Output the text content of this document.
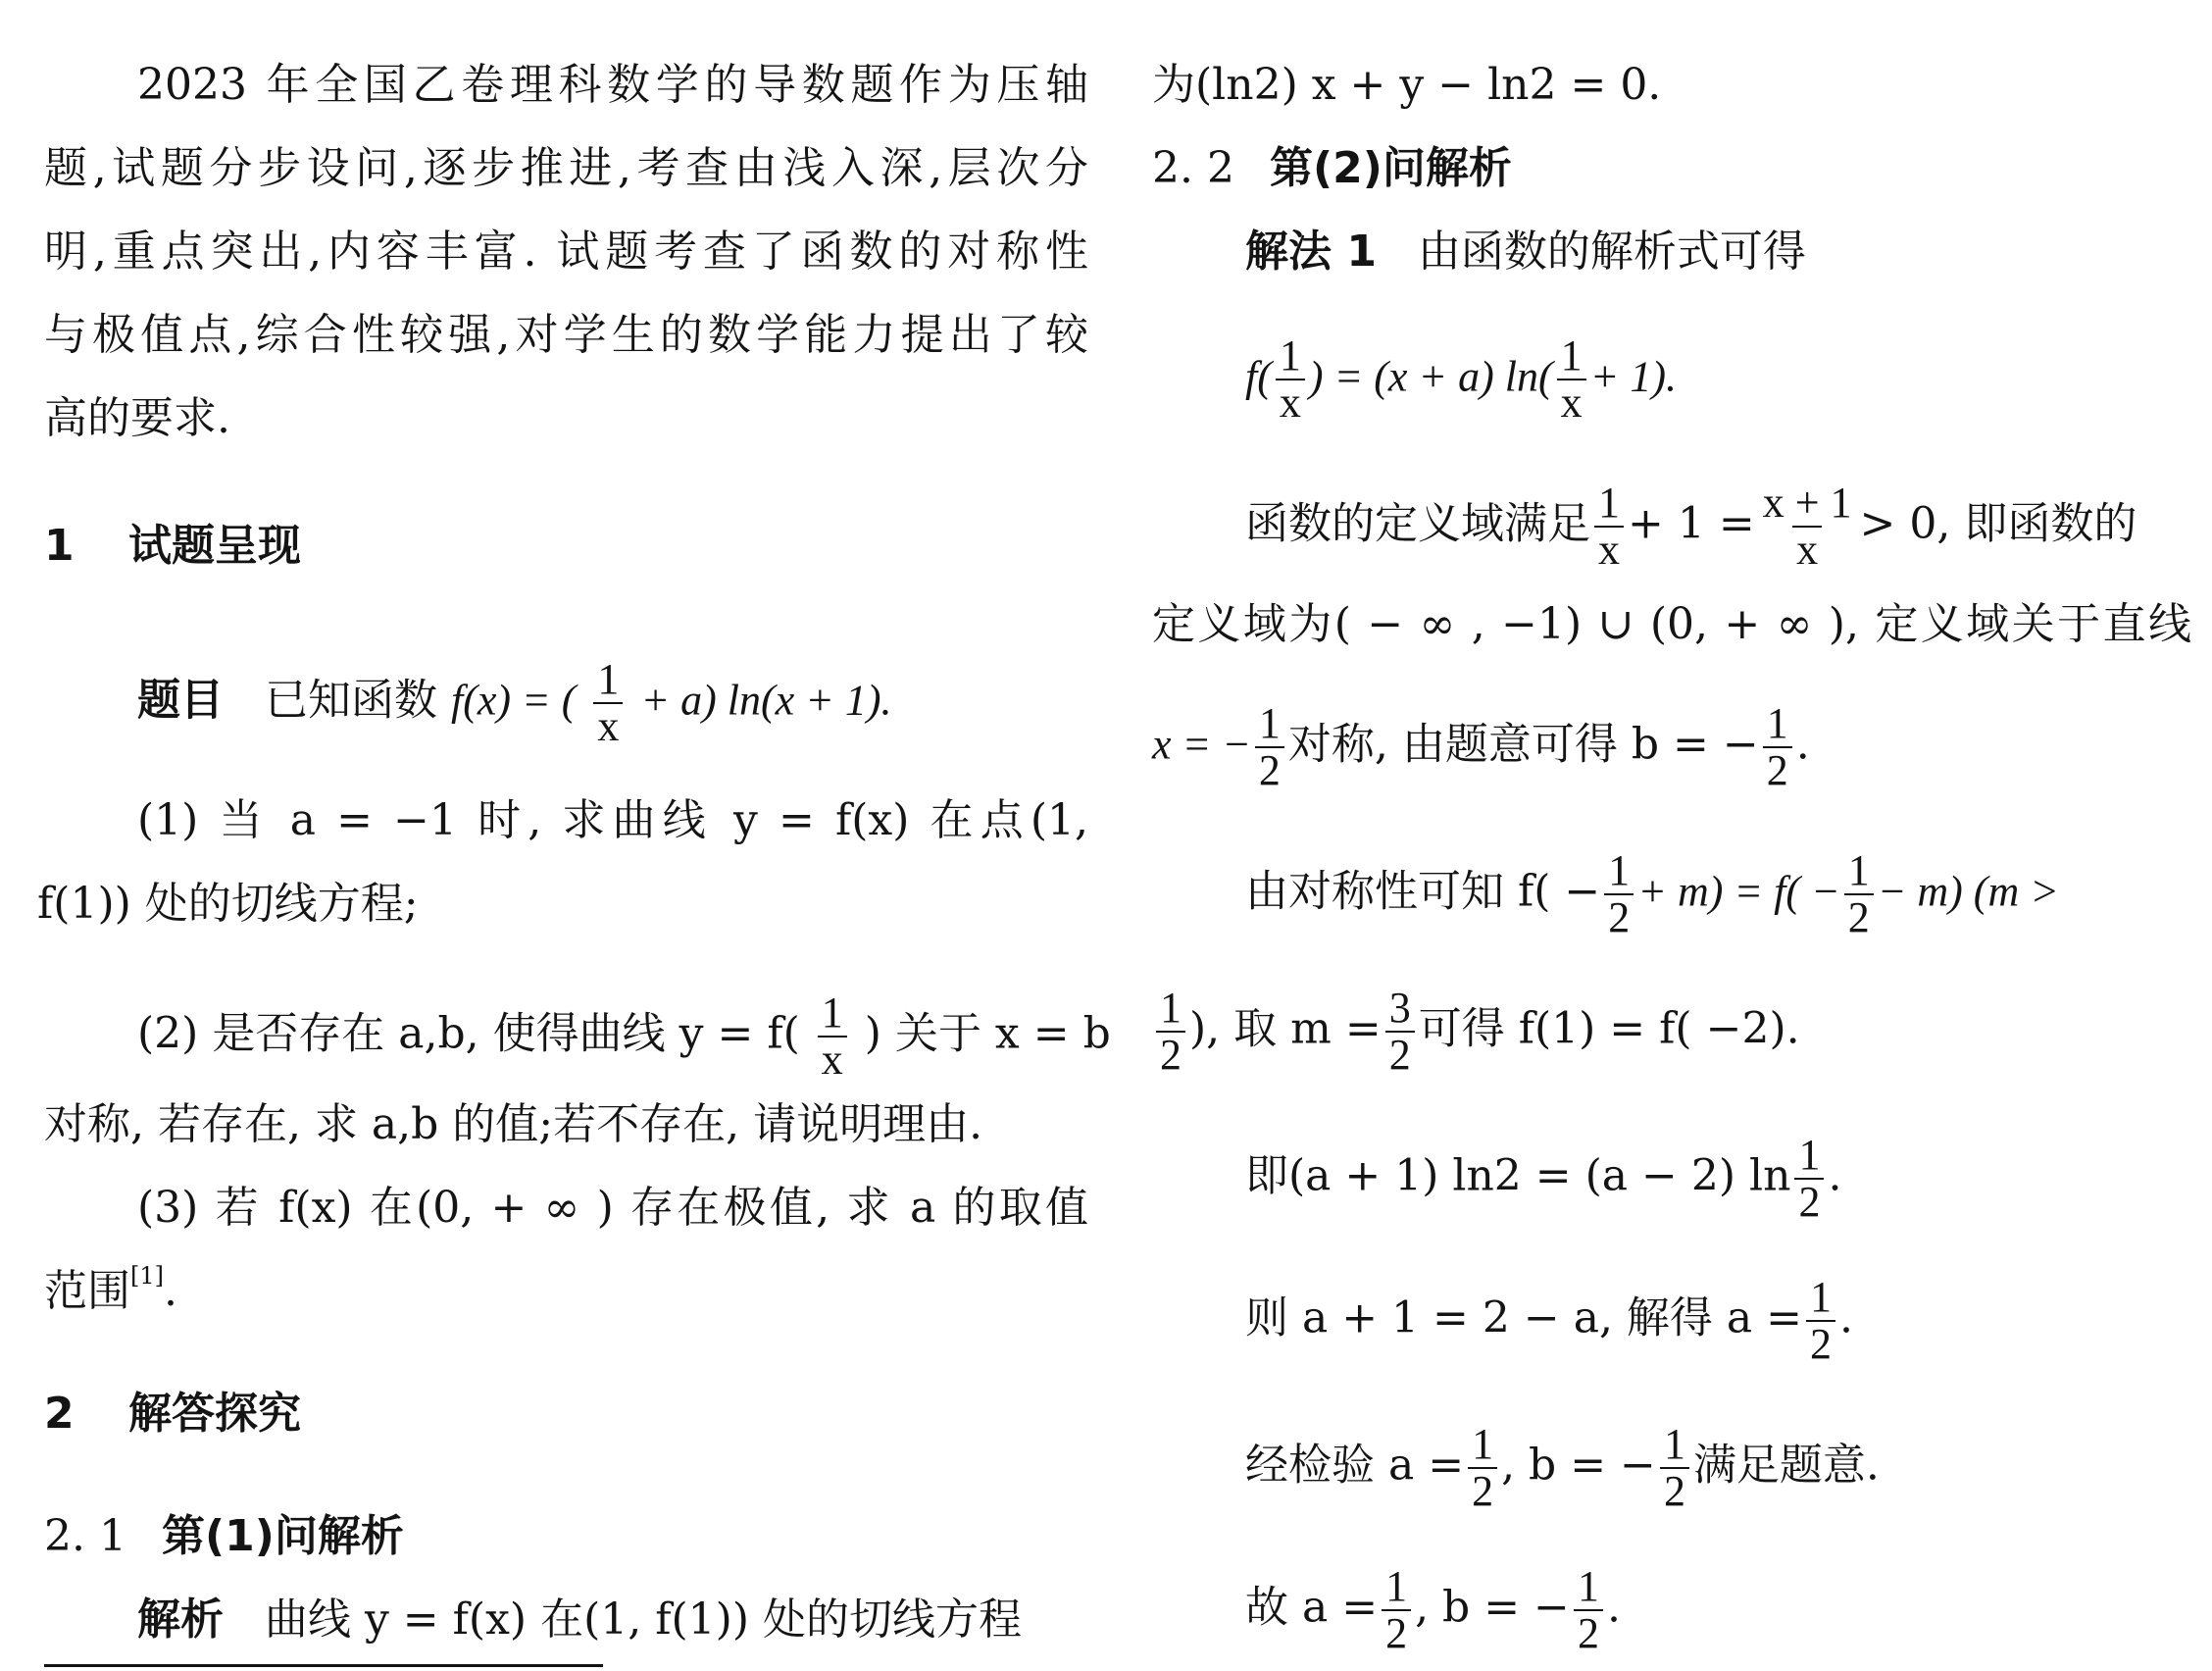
2023 年全国乙卷理科数学的导数题作为压轴
题,试题分步设问,逐步推进,考查由浅入深,层次分
明,重点突出,内容丰富. 试题考查了函数的对称性
与极值点,综合性较强,对学生的数学能力提出了较
高的要求.
1 试题呈现
题目 已知函数 f(x) = ( $\frac{1}{x} + a$) ln(x + 1).
(1) 当 a = −1 时, 求曲线 y = f(x) 在点(1,
f(1)) 处的切线方程;
(2) 是否存在 a,b, 使得曲线 $y = f( \frac{1}{x}$ ) 关于 x = b
对称, 若存在, 求 a,b 的值;若不存在, 请说明理由.
(3) 若 f(x) 在(0, + ∞ ) 存在极值, 求 a 的取值
范围[1].
2 解答探究
2. 1 第(1)问解析
解析 曲线 y = f(x) 在(1, f(1)) 处的切线方程
为(ln2) x + y − ln2 = 0.
2. 2 第(2)问解析
解法 1 由函数的解析式可得
$f( \frac{1}{x}$ ) = (x + a) $\ln( \frac{1}{x} + 1)$.
函数的定义域满足 $\frac{1}{x} + 1 = \frac{x + 1}{x} > 0$, 即函数的
定义域为( − ∞ , −1) ∪ (0, + ∞ ), 定义域关于直线
x = − $\frac{1}{2}$ 对称, 由题意可得 b = − $\frac{1}{2}$ .
由对称性可知 $f( - \frac{1}{2} + m) = f( - \frac{1}{2} - m)$ (m >
$\frac{1}{2}$ ), 取 $m = \frac{3}{2}$ 可得 f(1) = f( −2).
即(a + 1) ln2 = (a − 2) $\ln \frac{1}{2}$ .
则 a + 1 = 2 − a, 解得 $a = \frac{1}{2}$ .
经检验 $a = \frac{1}{2}$ , b = − $\frac{1}{2}$ 满足题意.
故 $a = \frac{1}{2}$ , b = − $\frac{1}{2}$ .
